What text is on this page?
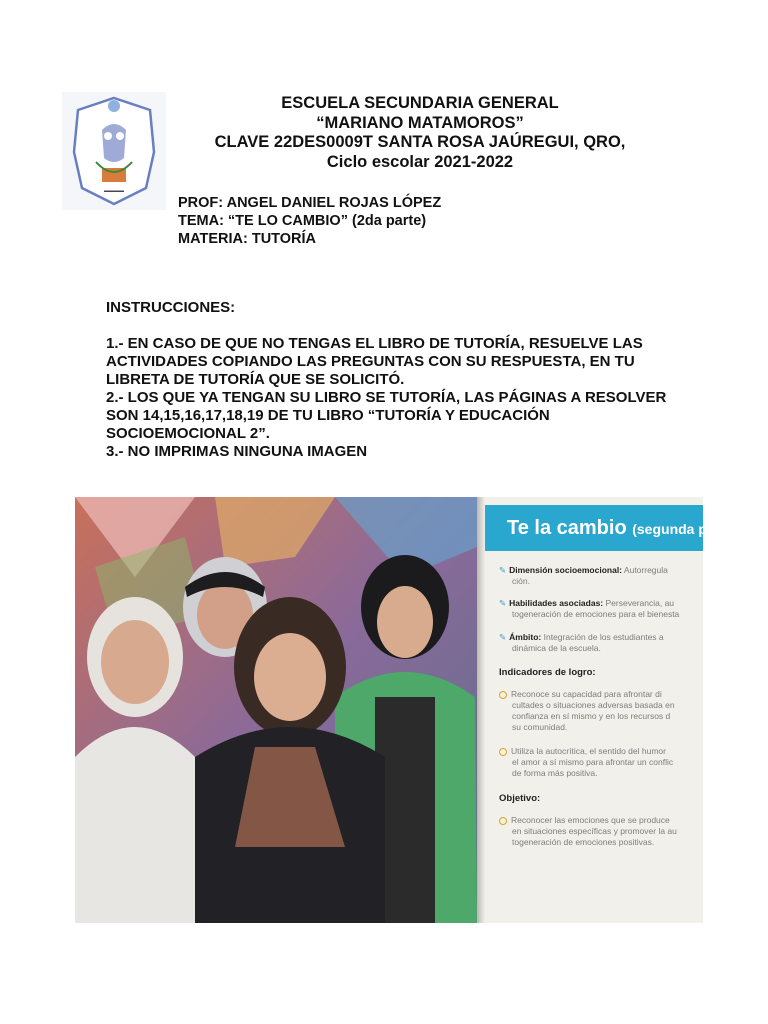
▬▬▬▬
ESCUELA SECUNDARIA GENERAL
“MARIANO MATAMOROS”
CLAVE 22DES0009T SANTA ROSA JAÚREGUI, QRO,
Ciclo escolar 2021-2022
PROF: ANGEL DANIEL ROJAS LÓPEZ
TEMA: “TE LO CAMBIO” (2da parte)
MATERIA: TUTORÍA
INSTRUCCIONES:

1.- EN CASO DE QUE NO TENGAS EL LIBRO DE TUTORÍA, RESUELVE LAS ACTIVIDADES COPIANDO LAS PREGUNTAS CON SU RESPUESTA, EN TU LIBRETA DE TUTORÍA QUE SE SOLICITÓ.

2.- LOS QUE YA TENGAN SU LIBRO SE TUTORÍA, LAS PÁGINAS A RESOLVER SON 14,15,16,17,18,19 DE TU LIBRO “TUTORÍA Y EDUCACIÓN SOCIOEMOCIONAL 2”.

3.- NO IMPRIMAS NINGUNA IMAGEN

Te la cambio (segunda part
✎ Dimensión socioemocional: Autorregula
ción.
✎ Habilidades asociadas: Perseverancia, au
togeneración de emociones para el bienesta
✎ Ámbito: Integración de los estudiantes a
dinámica de la escuela.
Indicadores de logro:
Reconoce su capacidad para afrontar di
cultades o situaciones adversas basada en
confianza en sí mismo y en los recursos d
su comunidad.
Utiliza la autocrítica, el sentido del humor
el amor a sí mismo para afrontar un conflic
de forma más positiva.
Objetivo:
Reconocer las emociones que se produce
en situaciones específicas y promover la au
togeneración de emociones positivas.
